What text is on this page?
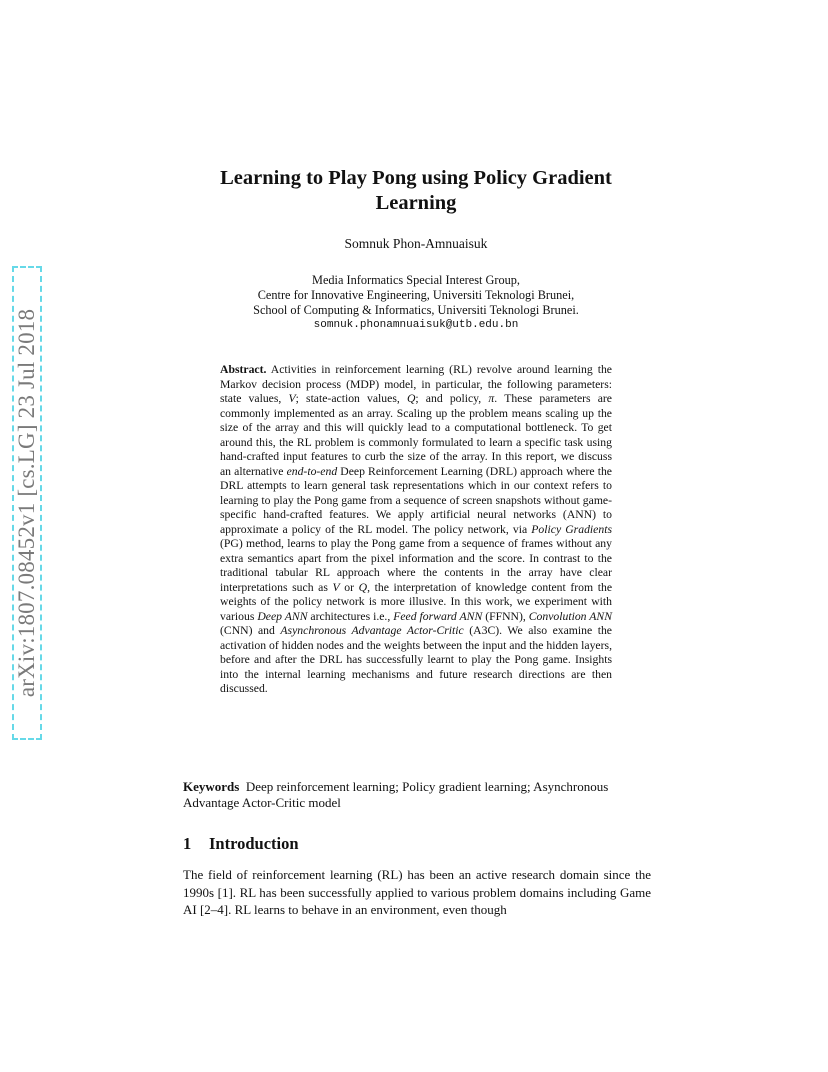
arXiv:1807.08452v1 [cs.LG] 23 Jul 2018
Learning to Play Pong using Policy Gradient Learning
Somnuk Phon-Amnuaisuk
Media Informatics Special Interest Group,
Centre for Innovative Engineering, Universiti Teknologi Brunei,
School of Computing & Informatics, Universiti Teknologi Brunei.
somnuk.phonamnuaisuk@utb.edu.bn

Abstract. Activities in reinforcement learning (RL) revolve around learning the Markov decision process (MDP) model, in particular, the following parameters: state values, V; state-action values, Q; and policy, π. These parameters are commonly implemented as an array. Scaling up the problem means scaling up the size of the array and this will quickly lead to a computational bottleneck. To get around this, the RL problem is commonly formulated to learn a specific task using hand-crafted input features to curb the size of the array. In this report, we discuss an alternative end-to-end Deep Reinforcement Learning (DRL) approach where the DRL attempts to learn general task representations which in our context refers to learning to play the Pong game from a sequence of screen snapshots without game-specific hand-crafted features. We apply artificial neural networks (ANN) to approximate a policy of the RL model. The policy network, via Policy Gradients (PG) method, learns to play the Pong game from a sequence of frames without any extra semantics apart from the pixel information and the score. In contrast to the traditional tabular RL approach where the contents in the array have clear interpretations such as V or Q, the interpretation of knowledge content from the weights of the policy network is more illusive. In this work, we experiment with various Deep ANN architectures i.e., Feed forward ANN (FFNN), Convolution ANN (CNN) and Asynchronous Advantage Actor-Critic (A3C). We also examine the activation of hidden nodes and the weights between the input and the hidden layers, before and after the DRL has successfully learnt to play the Pong game. Insights into the internal learning mechanisms and future research directions are then discussed.

Keywords Deep reinforcement learning; Policy gradient learning; Asynchronous Advantage Actor-Critic model

1 Introduction

The field of reinforcement learning (RL) has been an active research domain since the 1990s [1]. RL has been successfully applied to various problem domains including Game AI [2–4]. RL learns to behave in an environment, even though
